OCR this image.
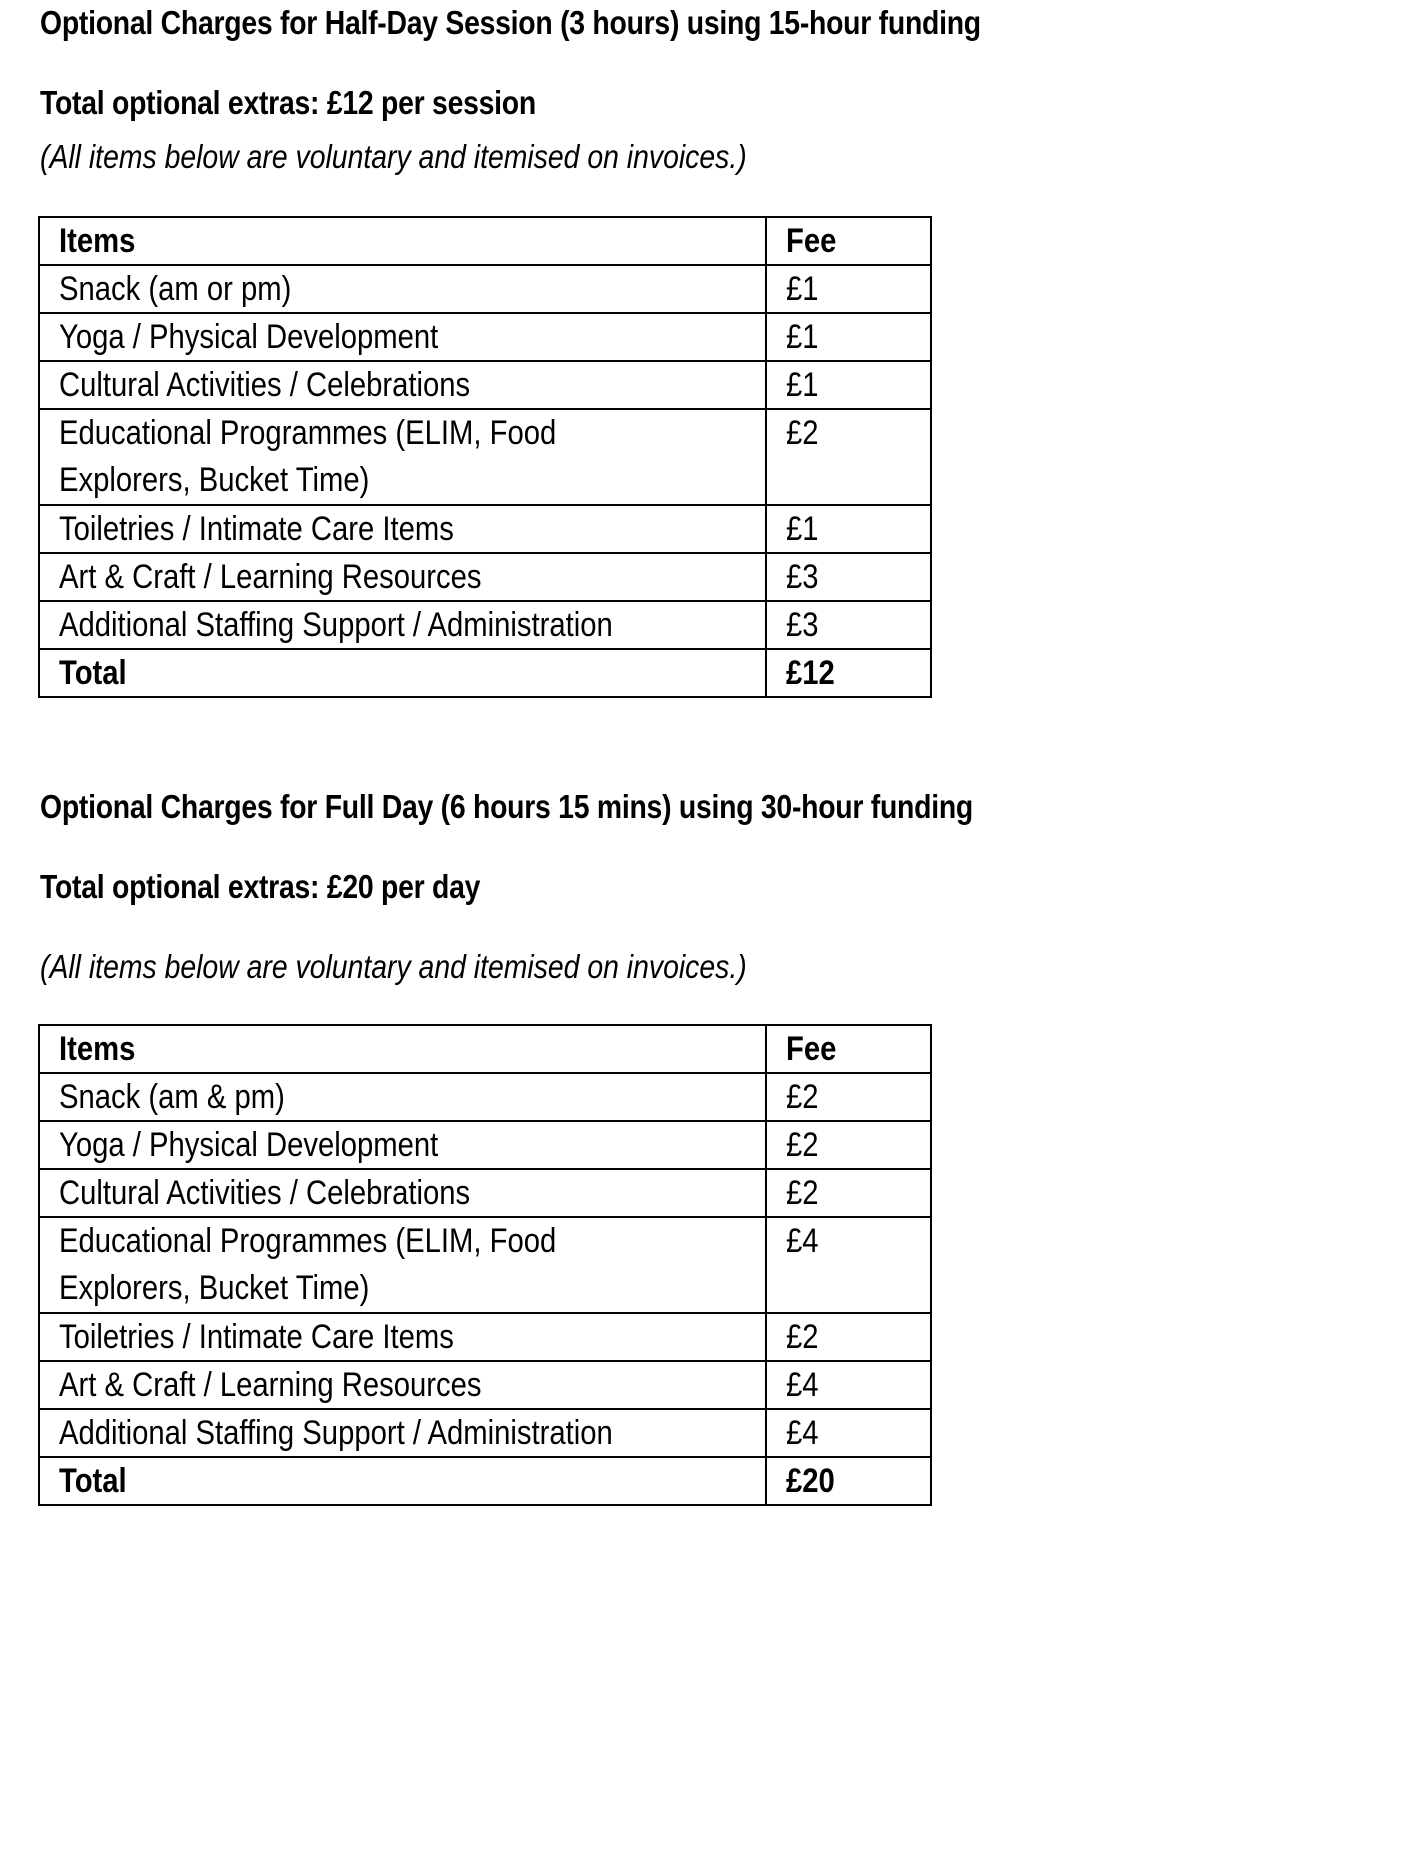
Optional Charges for Half-Day Session (3 hours) using 15-hour funding
Total optional extras: £12 per session
(All items below are voluntary and itemised on invoices.)
Items	Fee
Snack (am or pm)	£1
Yoga / Physical Development	£1
Cultural Activities / Celebrations	£1

Educational Programmes (ELIM, Food
Explorers, Bucket Time)	£2
Toiletries / Intimate Care Items	£1
Art & Craft / Learning Resources	£3
Additional Staffing Support / Administration	£3
Total	£12
Optional Charges for Full Day (6 hours 15 mins) using 30-hour funding
Total optional extras: £20 per day
(All items below are voluntary and itemised on invoices.)
Items	Fee
Snack (am & pm)	£2
Yoga / Physical Development	£2
Cultural Activities / Celebrations	£2

Educational Programmes (ELIM, Food
Explorers, Bucket Time)	£4
Toiletries / Intimate Care Items	£2
Art & Craft / Learning Resources	£4
Additional Staffing Support / Administration	£4
Total	£20
